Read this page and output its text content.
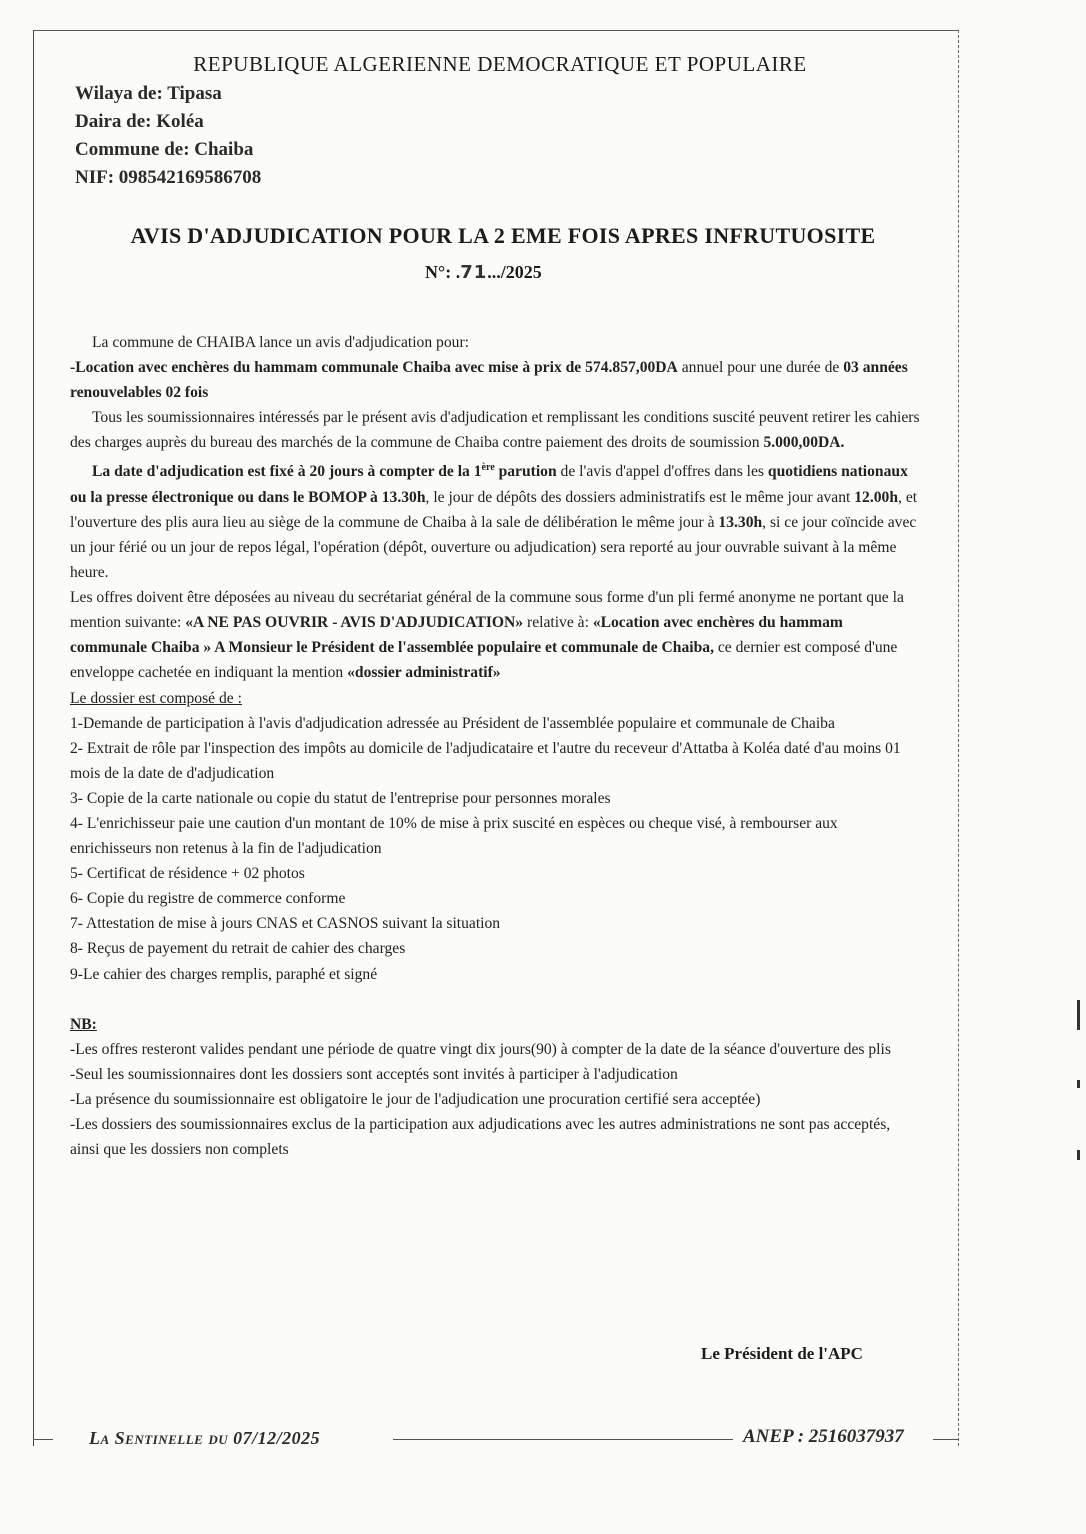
REPUBLIQUE ALGERIENNE DEMOCRATIQUE ET POPULAIRE
Wilaya de: Tipasa
Daira de: Koléa
Commune de: Chaiba
NIF: 098542169586708
AVIS D'ADJUDICATION POUR LA 2 EME FOIS APRES INFRUTUOSITE
N°: .71.../2025

La commune de CHAIBA lance un avis d'adjudication pour:

-Location avec enchères du hammam communale Chaiba avec mise à prix de 574.857,00DA annuel pour une durée de 03 années renouvelables 02 fois

Tous les soumissionnaires intéressés par le présent avis d'adjudication et remplissant les conditions suscité peuvent retirer les cahiers des charges auprès du bureau des marchés de la commune de Chaiba contre paiement des droits de soumission 5.000,00DA.

La date d'adjudication est fixé à 20 jours à compter de la 1ère parution de l'avis d'appel d'offres dans les quotidiens nationaux ou la presse électronique ou dans le BOMOP à 13.30h, le jour de dépôts des dossiers administratifs est le même jour avant 12.00h, et l'ouverture des plis aura lieu au siège de la commune de Chaiba à la sale de délibération le même jour à 13.30h, si ce jour coïncide avec un jour férié ou un jour de repos légal, l'opération (dépôt, ouverture ou adjudication) sera reporté au jour ouvrable suivant à la même heure.

Les offres doivent être déposées au niveau du secrétariat général de la commune sous forme d'un pli fermé anonyme ne portant que la mention suivante: «A NE PAS OUVRIR - AVIS D'ADJUDICATION» relative à: «Location avec enchères du hammam communale Chaiba » A Monsieur le Président de l'assemblée populaire et communale de Chaiba, ce dernier est composé d'une enveloppe cachetée en indiquant la mention «dossier administratif»

Le dossier est composé de :

1-Demande de participation à l'avis d'adjudication adressée au Président de l'assemblée populaire et communale de Chaiba

2- Extrait de rôle par l'inspection des impôts au domicile de l'adjudicataire et l'autre du receveur d'Attatba à Koléa daté d'au moins 01 mois de la date de d'adjudication

3- Copie de la carte nationale ou copie du statut de l'entreprise pour personnes morales

4- L'enrichisseur paie une caution d'un montant de 10% de mise à prix suscité en espèces ou cheque visé, à rembourser aux enrichisseurs non retenus à la fin de l'adjudication

5- Certificat de résidence + 02 photos

6- Copie du registre de commerce conforme

7- Attestation de mise à jours CNAS et CASNOS suivant la situation

8- Reçus de payement du retrait de cahier des charges

9-Le cahier des charges remplis, paraphé et signé

NB:

-Les offres resteront valides pendant une période de quatre vingt dix jours(90) à compter de la date de la séance d'ouverture des plis

-Seul les soumissionnaires dont les dossiers sont acceptés sont invités à participer à l'adjudication

-La présence du soumissionnaire est obligatoire le jour de l'adjudication une procuration certifié sera acceptée)

-Les dossiers des soumissionnaires exclus de la participation aux adjudications avec les autres administrations ne sont pas acceptés, ainsi que les dossiers non complets

Le Président de l'APC
La Sentinelle du 07/12/2025	ANEP : 2516037937
